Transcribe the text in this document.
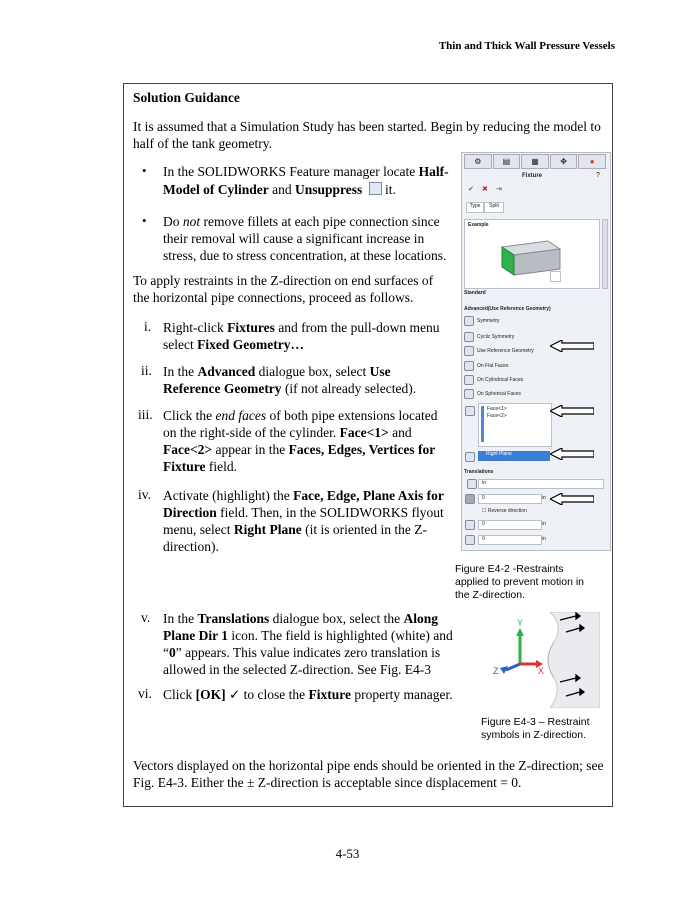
Thin and Thick Wall Pressure Vessels
Solution Guidance
It is assumed that a Simulation Study has been started. Begin by reducing the model to
half of the tank geometry.
• In the SOLIDWORKS Feature manager locate Half-
Model of Cylinder and Unsuppress  it.
• Do not remove fillets at each pipe connection since
their removal will cause a significant increase in
stress, due to stress concentration, at these locations.
To apply restraints in the Z-direction on end surfaces of
the horizontal pipe connections, proceed as follows.
i. Right-click Fixtures and from the pull-down menu
select Fixed Geometry…
ii. In the Advanced dialogue box, select Use
Reference Geometry (if not already selected).
iii. Click the end faces of both pipe extensions located
on the right-side of the cylinder. Face<1> and
Face<2> appear in the Faces, Edges, Vertices for
Fixture field.
iv. Activate (highlight) the Face, Edge, Plane Axis for
Direction field. Then, in the SOLIDWORKS flyout
menu, select Right Plane (it is oriented in the Z-
direction).
⚙	▤	▦	✥	●
Fixture	?
✔ ✖ ⇥
Type	Split
Example
Standard
Advanced(Use Reference Geometry)
Symmetry
Cyclic Symmetry
Use Reference Geometry
On Flat Faces
On Cylindrical Faces
On Spherical Faces
Face<1>
Face<2>
Right Plane
Translations
in
0	in
☐ Reverse direction
0	in
0	in
Figure E4-2 -Restraints
applied to prevent motion in
the Z-direction.
v. In the Translations dialogue box, select the Along
Plane Dir 1 icon. The field is highlighted (white) and
“0” appears. This value indicates zero translation is
allowed in the selected Z-direction. See Fig. E4-3
vi. Click [OK] ✓ to close the Fixture property manager.
Y
Z	X
Figure E4-3 – Restraint
symbols in Z-direction.
Vectors displayed on the horizontal pipe ends should be oriented in the Z-direction; see
Fig. E4-3. Either the ± Z-direction is acceptable since displacement = 0.
4-53
